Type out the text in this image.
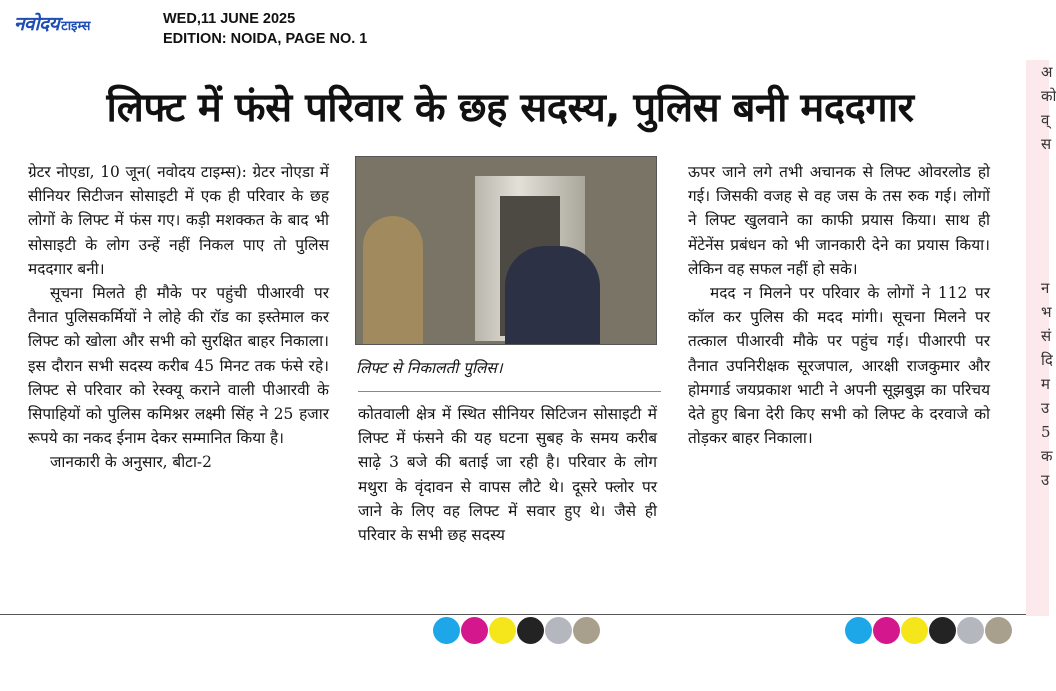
नवोदय टाइम्स	WED,11 JUNE 2025
EDITION: NOIDA, PAGE NO. 1
लिफ्ट में फंसे परिवार के छह सदस्य, पुलिस बनी मददगार

ग्रेटर नोएडा, 10 जून( नवोदय टाइम्स): ग्रेटर नोएडा में सीनियर सिटीजन सोसाइटी में एक ही परिवार के छह लोगों के लिफ्ट में फंस गए। कड़ी मशक्कत के बाद भी सोसाइटी के लोग उन्हें नहीं निकल पाए तो पुलिस मददगार बनी।

सूचना मिलते ही मौके पर पहुंची पीआरवी पर तैनात पुलिसकर्मियों ने लोहे की रॉड का इस्तेमाल कर लिफ्ट को खोला और सभी को सुरक्षित बाहर निकाला। इस दौरान सभी सदस्य करीब 45 मिनट तक फंसे रहे।लिफ्ट से परिवार को रेस्क्यू कराने वाली पीआरवी के सिपाहियों को पुलिस कमिश्नर लक्ष्मी सिंह ने 25 हजार रूपये का नकद ईनाम देकर सम्मानित किया है।

जानकारी के अनुसार, बीटा-2

लिफ्ट से निकालती पुलिस।

कोतवाली क्षेत्र में स्थित सीनियर सिटिजन सोसाइटी में लिफ्ट में फंसने की यह घटना सुबह के समय करीब साढ़े 3 बजे की बताई जा रही है। परिवार के लोग मथुरा के वृंदावन से वापस लौटे थे। दूसरे फ्लोर पर जाने के लिए वह लिफ्ट में सवार हुए थे। जैसे ही परिवार के सभी छह सदस्य

ऊपर जाने लगे तभी अचानक से लिफ्ट ओवरलोड हो गई। जिसकी वजह से वह जस के तस रुक गई। लोगों ने लिफ्ट खुलवाने का काफी प्रयास किया। साथ ही मेंटेनेंस प्रबंधन को भी जानकारी देने का प्रयास किया। लेकिन वह सफल नहीं हो सके।

मदद न मिलने पर परिवार के लोगों ने 112 पर कॉल कर पुलिस की मदद मांगी। सूचना मिलने पर तत्काल पीआरवी मौके पर पहुंच गई। पीआरपी पर तैनात उपनिरीक्षक सूरजपाल, आरक्षी राजकुमार और होमगार्ड जयप्रकाश भाटी ने अपनी सूझबुझ का परिचय देते हुए बिना देरी किए सभी को लिफ्ट के दरवाजे को तोड़कर बाहर निकाला।

अ
को
व्
स
न
भ
सं
दि
म
उ
5
क
उ
